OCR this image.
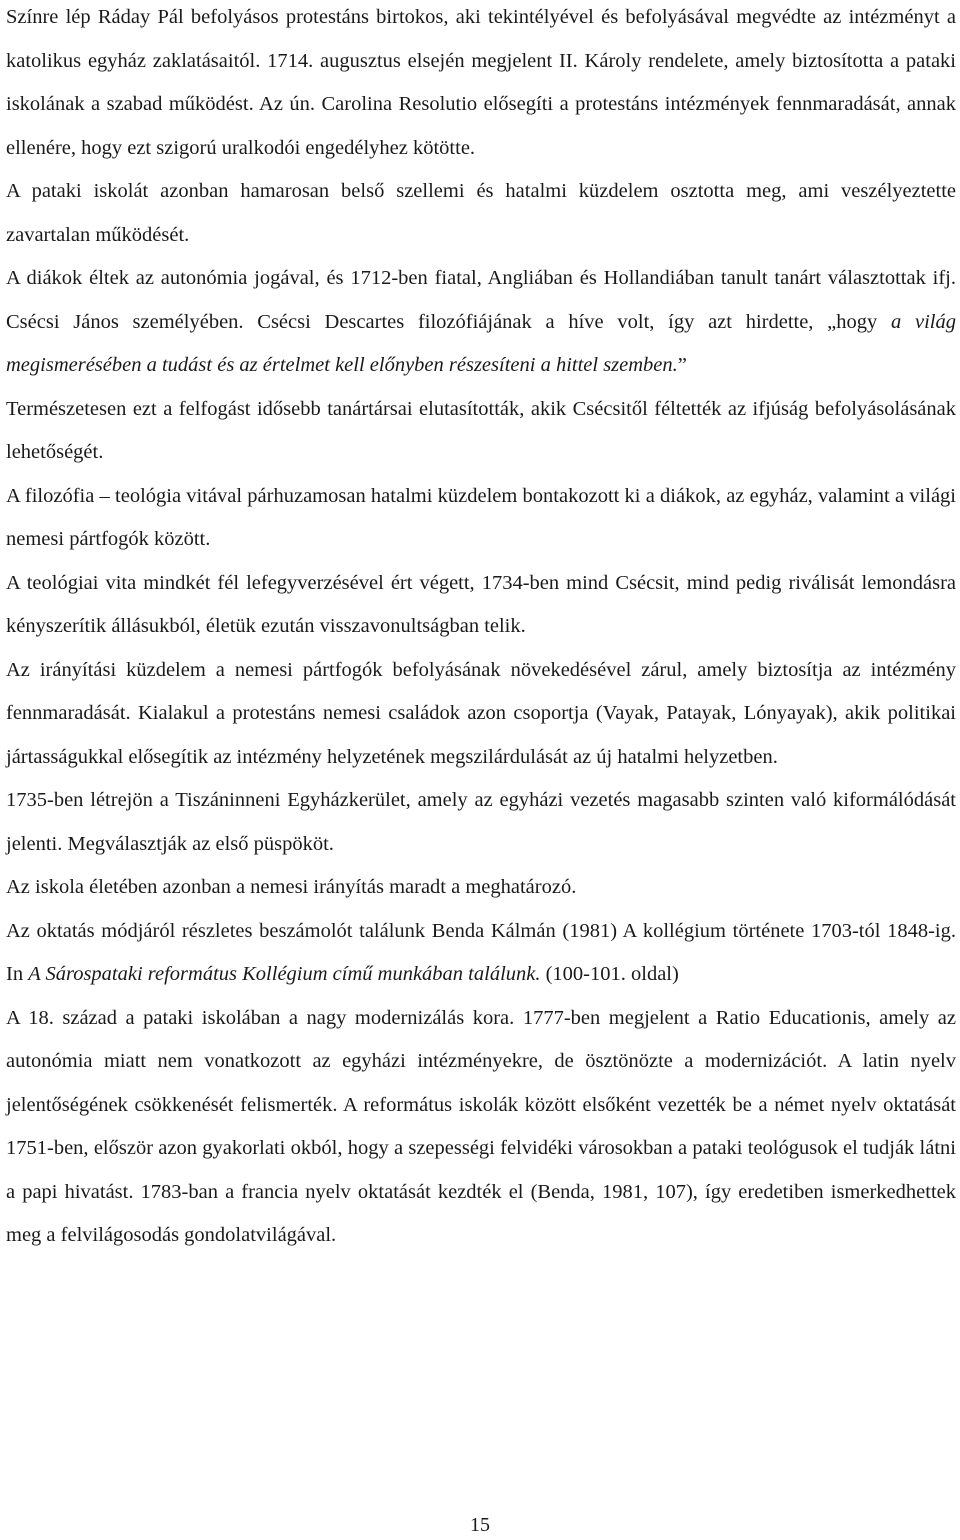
Színre lép Ráday Pál befolyásos protestáns birtokos, aki tekintélyével és befolyásával megvédte az intézményt a katolikus egyház zaklatásaitól. 1714. augusztus elsején megjelent II. Károly rendelete, amely biztosította a pataki iskolának a szabad működést. Az ún. Carolina Resolutio elősegíti a protestáns intézmények fennmaradását, annak ellenére, hogy ezt szigorú uralkodói engedélyhez kötötte.

A pataki iskolát azonban hamarosan belső szellemi és hatalmi küzdelem osztotta meg, ami veszélyeztette zavartalan működését.

A diákok éltek az autonómia jogával, és 1712-ben fiatal, Angliában és Hollandiában tanult tanárt választottak ifj. Csécsi János személyében. Csécsi Descartes filozófiájának a híve volt, így azt hirdette, „hogy a világ megismerésében a tudást és az értelmet kell előnyben részesíteni a hittel szemben.”

Természetesen ezt a felfogást idősebb tanártársai elutasították, akik Csécsitől féltették az ifjúság befolyásolásának lehetőségét.

A filozófia – teológia vitával párhuzamosan hatalmi küzdelem bontakozott ki a diákok, az egyház, valamint a világi nemesi pártfogók között.

A teológiai vita mindkét fél lefegyverzésével ért végett, 1734-ben mind Csécsit, mind pedig riválisát lemondásra kényszerítik állásukból, életük ezután visszavonultságban telik.

Az irányítási küzdelem a nemesi pártfogók befolyásának növekedésével zárul, amely biztosítja az intézmény fennmaradását. Kialakul a protestáns nemesi családok azon csoportja (Vayak, Patayak, Lónyayak), akik politikai jártasságukkal elősegítik az intézmény helyzetének megszilárdulását az új hatalmi helyzetben.

1735-ben létrejön a Tiszáninneni Egyházkerület, amely az egyházi vezetés magasabb szinten való kiformálódását jelenti. Megválasztják az első püspököt.

Az iskola életében azonban a nemesi irányítás maradt a meghatározó.

Az oktatás módjáról részletes beszámolót találunk Benda Kálmán (1981) A kollégium története 1703-tól 1848-ig. In A Sárospataki református Kollégium című munkában találunk. (100-101. oldal)

A 18. század a pataki iskolában a nagy modernizálás kora. 1777-ben megjelent a Ratio Educationis, amely az autonómia miatt nem vonatkozott az egyházi intézményekre, de ösztönözte a modernizációt. A latin nyelv jelentőségének csökkenését felismerték. A református iskolák között elsőként vezették be a német nyelv oktatását 1751-ben, először azon gyakorlati okból, hogy a szepességi felvidéki városokban a pataki teológusok el tudják látni a papi hivatást. 1783-ban a francia nyelv oktatását kezdték el (Benda, 1981, 107), így eredetiben ismerkedhettek meg a felvilágosodás gondolatvilágával.

15
